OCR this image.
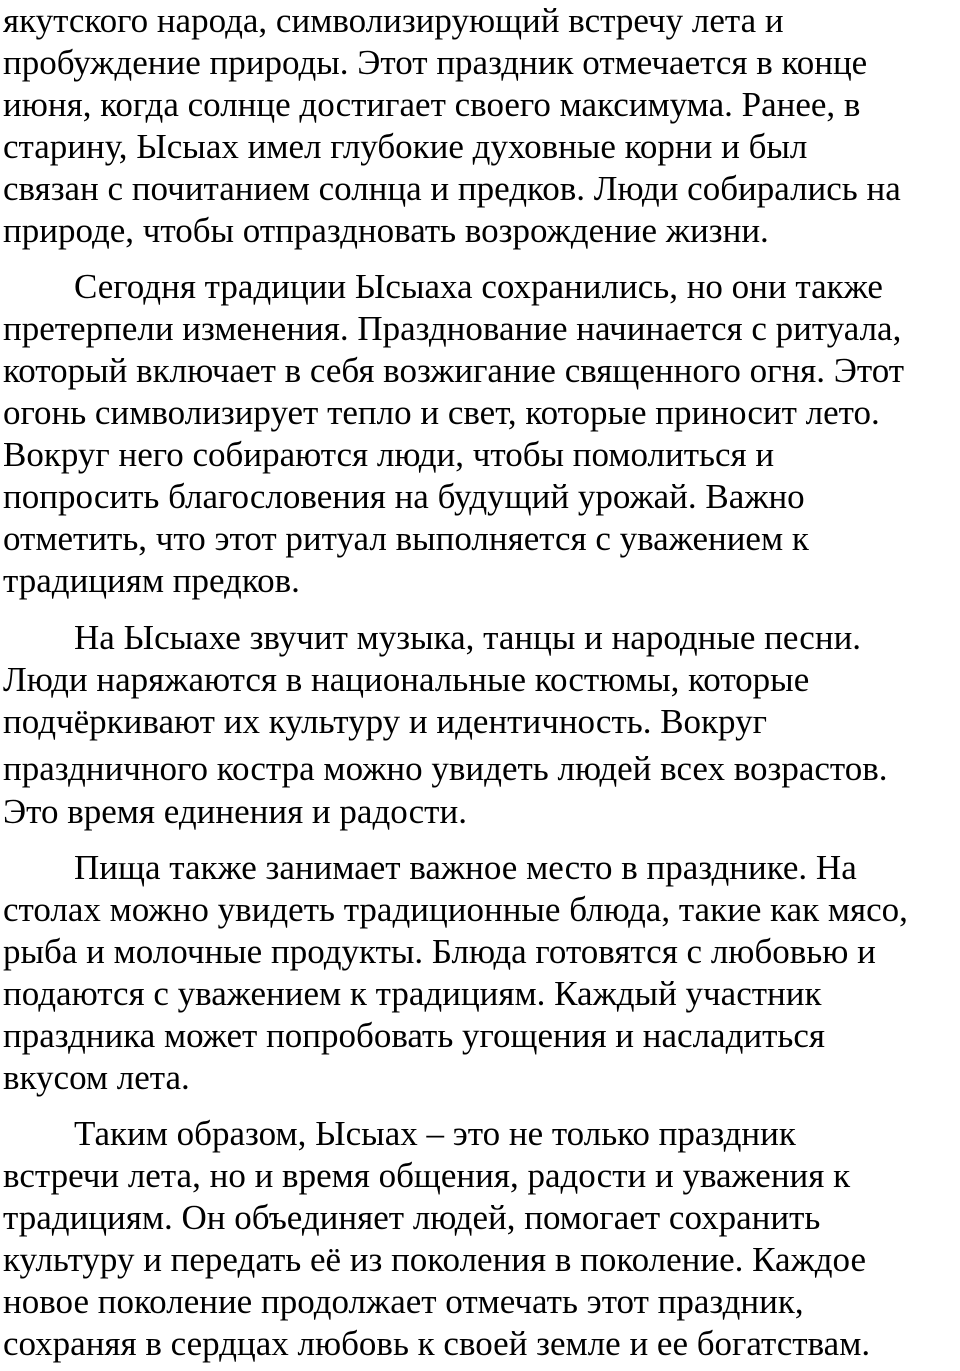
якутского народа, символизирующий встречу лета и

пробуждение природы. Этот праздник отмечается в конце

июня, когда солнце достигает своего максимума. Ранее, в

старину, Ысыах имел глубокие духовные корни и был

связан с почитанием солнца и предков. Люди собирались на

природе, чтобы отпраздновать возрождение жизни.

Сегодня традиции Ысыаха сохранились, но они также

претерпели изменения. Празднование начинается с ритуала,

который включает в себя возжигание священного огня. Этот

огонь символизирует тепло и свет, которые приносит лето.

Вокруг него собираются люди, чтобы помолиться и

попросить благословения на будущий урожай. Важно

отметить, что этот ритуал выполняется с уважением к

традициям предков.

На Ысыахе звучит музыка, танцы и народные песни.

Люди наряжаются в национальные костюмы, которые

подчёркивают их культуру и идентичность. Вокруг

праздничного костра можно увидеть людей всех возрастов.

Это время единения и радости.

Пища также занимает важное место в празднике. На

столах можно увидеть традиционные блюда, такие как мясо,

рыба и молочные продукты. Блюда готовятся с любовью и

подаются с уважением к традициям. Каждый участник

праздника может попробовать угощения и насладиться

вкусом лета.

Таким образом, Ысыах – это не только праздник

встречи лета, но и время общения, радости и уважения к

традициям. Он объединяет людей, помогает сохранить

культуру и передать её из поколения в поколение. Каждое

новое поколение продолжает отмечать этот праздник,

сохраняя в сердцах любовь к своей земле и ее богатствам.
